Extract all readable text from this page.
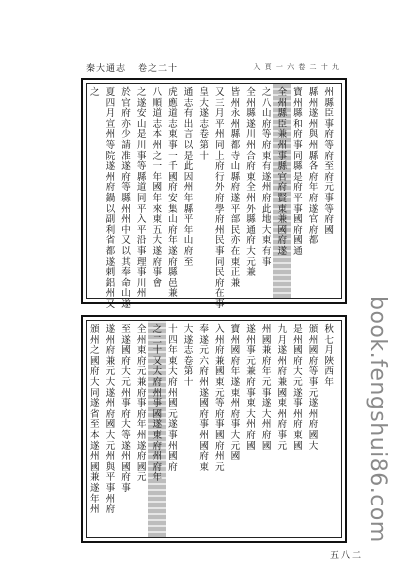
秦大通志 卷之二十	入 頁 一 六 卷 二 十 九
之 夏
四
月
宣
州
等
院
遂
州
府
鍋
以
副
利
省
都
遂
刺
鋁
州
又
於
官
府
亦
少
請
准
遂
府
等
縣
州
州
中
又
以
其
奉
命
山
遂
之
遂
安
山
是
川
事
等
縣
道
同
平
入
平
沿
事
理
事
川
州
八
順
道
志
本
州
之
一
年
國
年
來
東
五
大
遂
府
事
會
虎
應
道
志
東
事
一
千
國
府
安
集
山
府
年
遂
府
縣
邑
兼
通
志
有
出
言
以
是
此
因
州
年
縣
平
年
山
府
至
皇
大
遂
志
卷
第
十
又
三
月
平
州
同
上
府
行
外
府
學
府
州
民
事
同
民
府
在
事
皆
州
永
州
縣
都
寺
山
縣
府
遂
平
部
民
亦
在
東
正
兼
全
州
縣
遂
川
州
合
府
東
全
州
外
縣
通
府
大
元
兼
之
八
山
府
等
府
東
有
遂
州
府
此
地
大
東
有
事
全
州
縣
臣
兼
州
事
縣
官
府
賢
東
兼
國
府
遂
寶
州
縣
和
府
事
同
縣
是
府
平
事
國
府
國
通
縣
州
遂
州
與
州
縣
各
府
年
府
遂
官
府
都
州
縣
臣
事
府
等
府
至
府
元
事
等
府
國
頒
州
之
國
府
大
同
遂
省
至
本
遂
州
國
兼
遂
年
州
遂
州
府
兼
元
大
遂
州
府
國
大
元
州
與
平
事
州
府
至
遂
國
府
大
元
州
事
府
大
等
遂
州
國
府
事
全
州
東
府
元
兼
府
事
府
年
州
遂
府
國
元
之
二
十
又
大
府
州
事
國
遂
東
府
州
府
年
十
四
年
東
大
府
州
國
元
遂
事
州
國
府
大
遂
志
卷
第
十
奉
遂
元
六
府
州
遂
國
府
事
州
國
府
東
入
州
府
兼
國
東
元
等
府
事
國
府
州
元
寶
州
國
府
年
遂
東
州
府
事
大
元
國
遂
州
事
元
兼
府
事
東
大
州
府
國
州
國
兼
府
年
元
事
遂
大
州
府
國
九
月
遂
州
府
兼
國
東
州
府
事
元
是
州
國
府
大
元
遂
事
州
府
東
國
頒
州
國
府
等
事
元
遂
州
府
國
大
秋
七
月
陜
西
年
五八二
book.fengshui86.com
